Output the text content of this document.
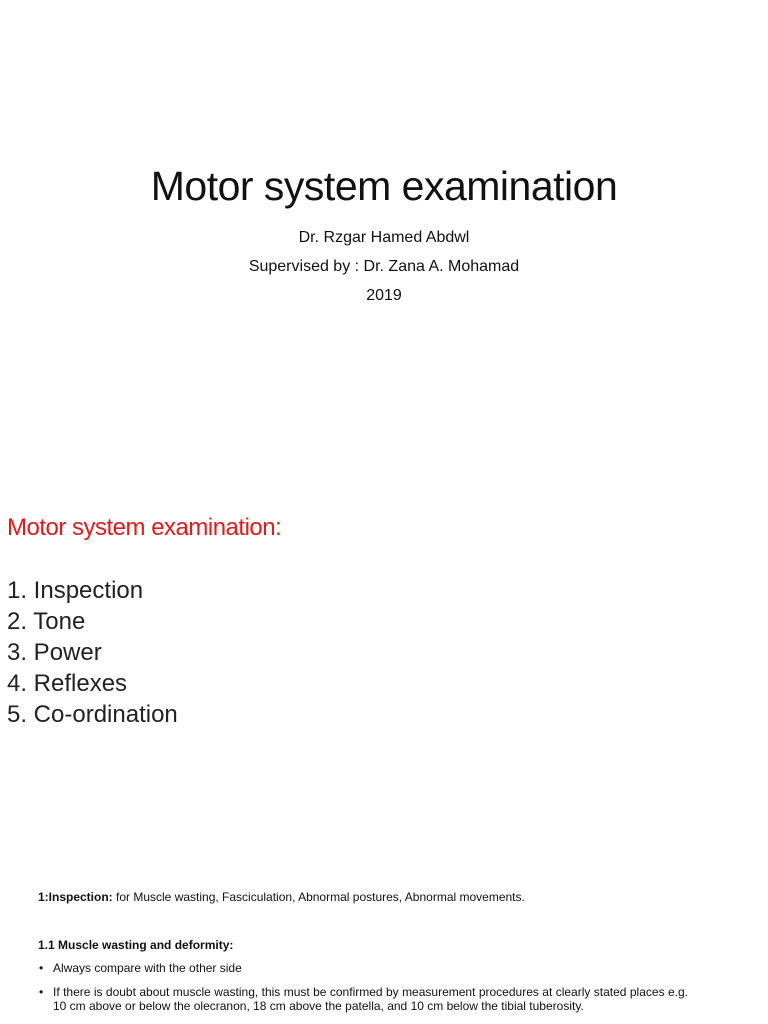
Motor system examination
Dr. Rzgar Hamed Abdwl
Supervised by : Dr. Zana A. Mohamad
2019
Motor system examination:
1. Inspection
2. Tone
3. Power
4. Reflexes
5. Co-ordination
1:Inspection: for Muscle wasting, Fasciculation, Abnormal postures, Abnormal movements.
1.1 Muscle wasting and deformity:
• Always compare with the other side
• If there is doubt about muscle wasting, this must be confirmed by measurement procedures at clearly stated places e.g. 10 cm above or below the olecranon, 18 cm above the patella, and 10 cm below the tibial tuberosity.
